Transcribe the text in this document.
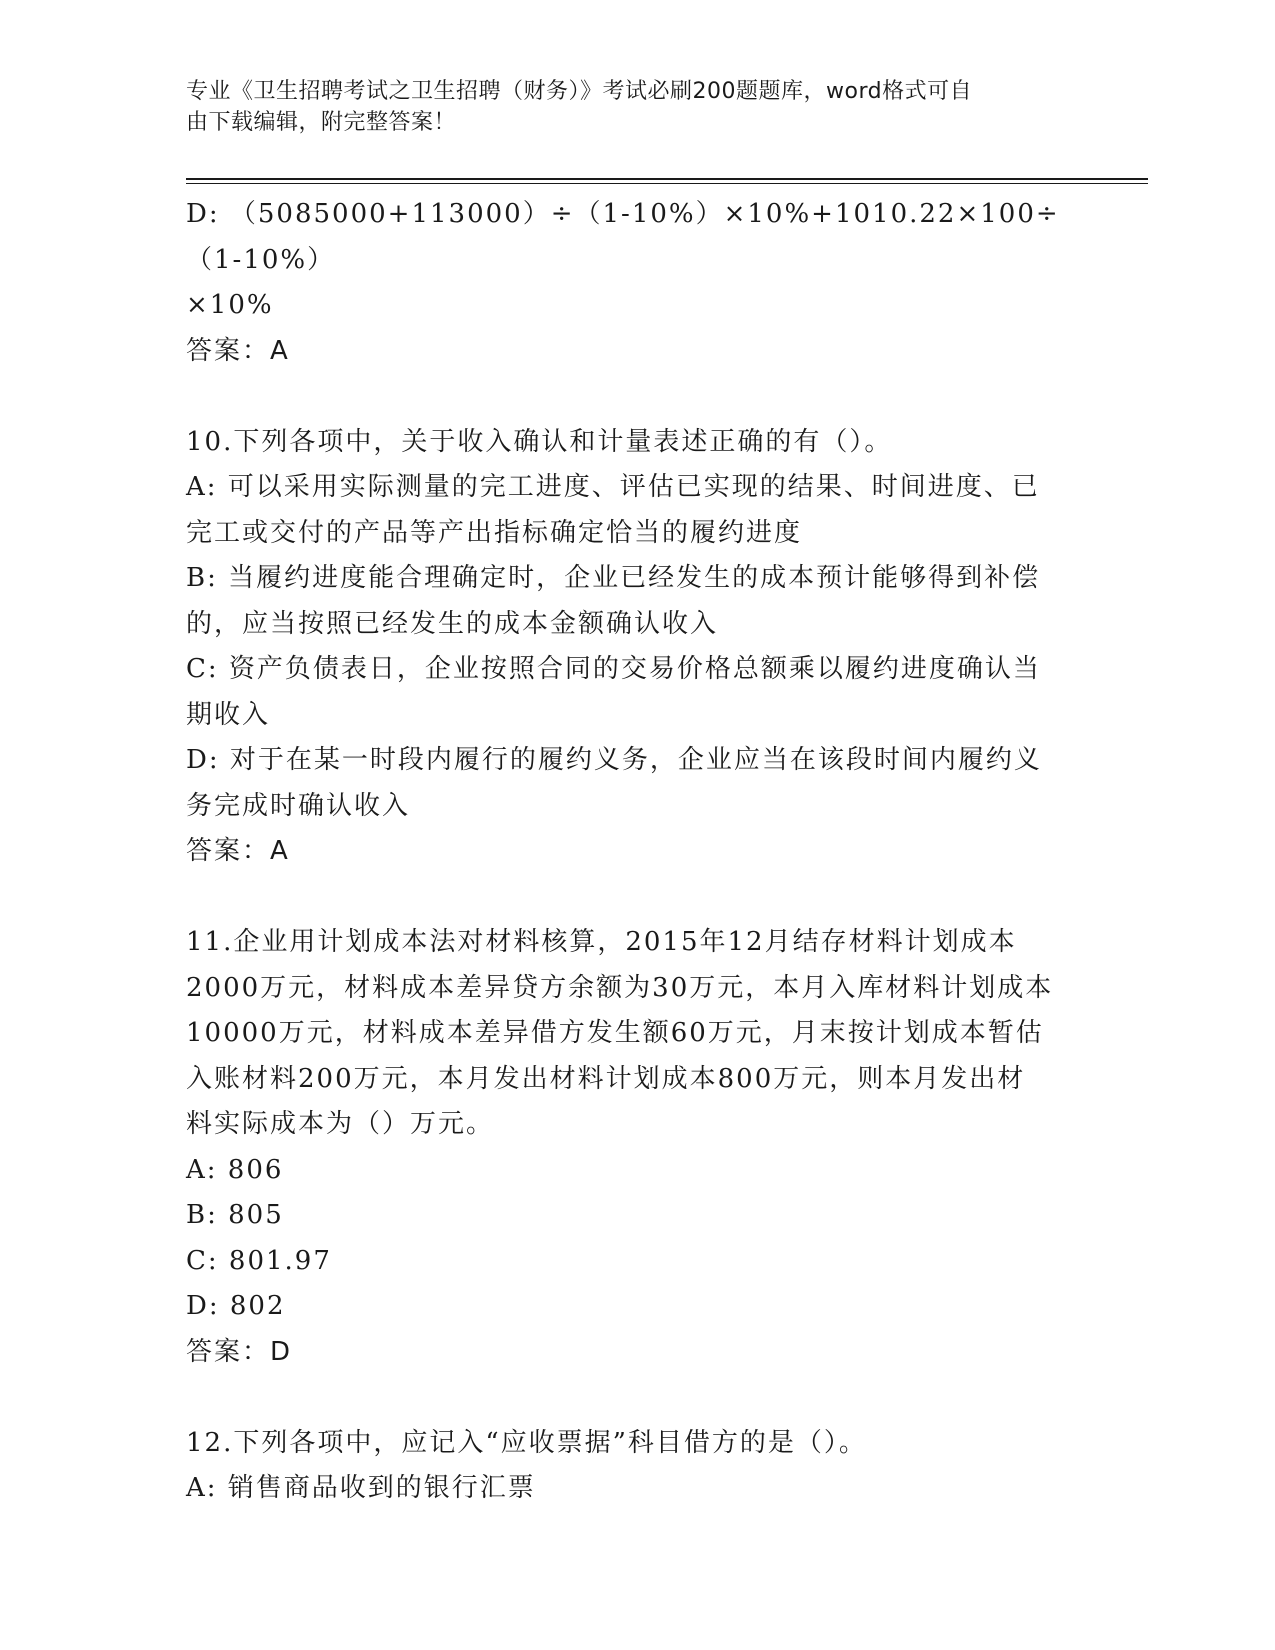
专业《卫生招聘考试之卫生招聘（财务）》考试必刷200题题库，word格式可自
由下载编辑，附完整答案！

D: （5085000+113000）÷（1-10%）×10%+1010.22×100÷（1-10%）

×10%

答案：A

10.下列各项中，关于收入确认和计量表述正确的有（）。

A: 可以采用实际测量的完工进度、评估已实现的结果、时间进度、已

完工或交付的产品等产出指标确定恰当的履约进度

B: 当履约进度能合理确定时，企业已经发生的成本预计能够得到补偿

的，应当按照已经发生的成本金额确认收入

C: 资产负债表日，企业按照合同的交易价格总额乘以履约进度确认当

期收入

D: 对于在某一时段内履行的履约义务，企业应当在该段时间内履约义

务完成时确认收入

答案：A

11.企业用计划成本法对材料核算，2015年12月结存材料计划成本

2000万元，材料成本差异贷方余额为30万元，本月入库材料计划成本

10000万元，材料成本差异借方发生额60万元，月末按计划成本暂估

入账材料200万元，本月发出材料计划成本800万元，则本月发出材

料实际成本为（）万元。

A: 806

B: 805

C: 801.97

D: 802

答案：D

12.下列各项中，应记入“应收票据”科目借方的是（）。

A: 销售商品收到的银行汇票
